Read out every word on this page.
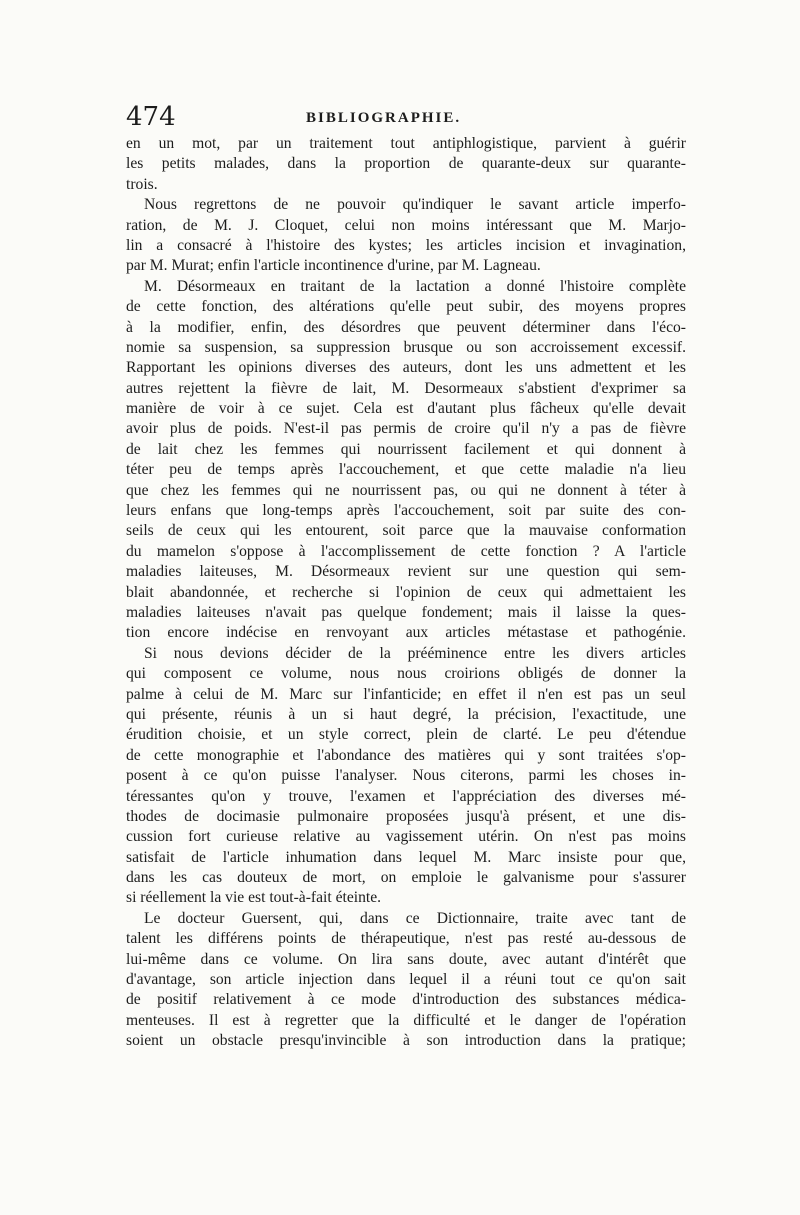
474	BIBLIOGRAPHIE.
en un mot, par un traitement tout antiphlogistique, parvient à guérir
les petits malades, dans la proportion de quarante-deux sur quarante-
trois.
Nous regrettons de ne pouvoir qu'indiquer le savant article imperfo-
ration, de M. J. Cloquet, celui non moins intéressant que M. Marjo-
lin a consacré à l'histoire des kystes; les articles incision et invagination,
par M. Murat; enfin l'article incontinence d'urine, par M. Lagneau.
M. Désormeaux en traitant de la lactation a donné l'histoire complète
de cette fonction, des altérations qu'elle peut subir, des moyens propres
à la modifier, enfin, des désordres que peuvent déterminer dans l'éco-
nomie sa suspension, sa suppression brusque ou son accroissement excessif.
Rapportant les opinions diverses des auteurs, dont les uns admettent et les
autres rejettent la fièvre de lait, M. Desormeaux s'abstient d'exprimer sa
manière de voir à ce sujet. Cela est d'autant plus fâcheux qu'elle devait
avoir plus de poids. N'est-il pas permis de croire qu'il n'y a pas de fièvre
de lait chez les femmes qui nourrissent facilement et qui donnent à
téter peu de temps après l'accouchement, et que cette maladie n'a lieu
que chez les femmes qui ne nourrissent pas, ou qui ne donnent à téter à
leurs enfans que long-temps après l'accouchement, soit par suite des con-
seils de ceux qui les entourent, soit parce que la mauvaise conformation
du mamelon s'oppose à l'accomplissement de cette fonction ? A l'article
maladies laiteuses, M. Désormeaux revient sur une question qui sem-
blait abandonnée, et recherche si l'opinion de ceux qui admettaient les
maladies laiteuses n'avait pas quelque fondement; mais il laisse la ques-
tion encore indécise en renvoyant aux articles métastase et pathogénie.
Si nous devions décider de la prééminence entre les divers articles
qui composent ce volume, nous nous croirions obligés de donner la
palme à celui de M. Marc sur l'infanticide; en effet il n'en est pas un seul
qui présente, réunis à un si haut degré, la précision, l'exactitude, une
érudition choisie, et un style correct, plein de clarté. Le peu d'étendue
de cette monographie et l'abondance des matières qui y sont traitées s'op-
posent à ce qu'on puisse l'analyser. Nous citerons, parmi les choses in-
téressantes qu'on y trouve, l'examen et l'appréciation des diverses mé-
thodes de docimasie pulmonaire proposées jusqu'à présent, et une dis-
cussion fort curieuse relative au vagissement utérin. On n'est pas moins
satisfait de l'article inhumation dans lequel M. Marc insiste pour que,
dans les cas douteux de mort, on emploie le galvanisme pour s'assurer
si réellement la vie est tout-à-fait éteinte.
Le docteur Guersent, qui, dans ce Dictionnaire, traite avec tant de
talent les différens points de thérapeutique, n'est pas resté au-dessous de
lui-même dans ce volume. On lira sans doute, avec autant d'intérêt que
d'avantage, son article injection dans lequel il a réuni tout ce qu'on sait
de positif relativement à ce mode d'introduction des substances médica-
menteuses. Il est à regretter que la difficulté et le danger de l'opération
soient un obstacle presqu'invincible à son introduction dans la pratique;
